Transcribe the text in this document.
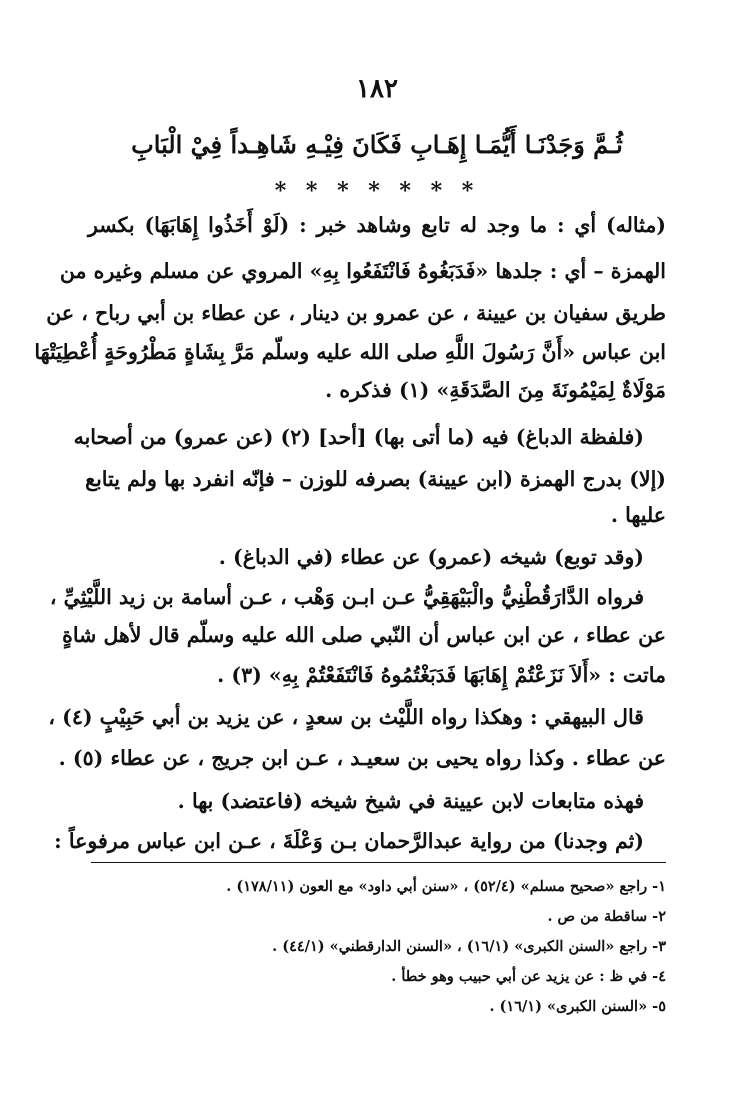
١٨٢
ثُـمَّ وَجَدْنَـا أَيُّمَـا إِهَـابِ فَكَانَ فِيْـهِ شَاهِـداً فِيْ الْبَابِ
* * * * * * *
(مثاله) أي : ما وجد له تابع وشاهد خبر : (لَوْ أَخَذُوا إِهَابَهَا) بكسر
الهمزة – أي : جلدها «فَدَبَغُوهُ فَانْتَفَعُوا بِهِ» المروي عن مسلم وغيره من
طريق سفيان بن عيينة ، عن عمرو بن دينار ، عن عطاء بن أبي رباح ، عن
ابن عباس «أَنَّ رَسُولَ اللَّهِ صلى الله عليه وسلّم مَرَّ بِشَاةٍ مَطْرُوحَةٍ أُعْطِيَتْهَا
مَوْلَاةٌ لِمَيْمُونَةَ مِنَ الصَّدَقَةِ» (١) فذكره .
(فلفظة الدباغ) فيه (ما أتى بها) [أحد] (٢) (عن عمرو) من أصحابه
(إلا) بدرج الهمزة (ابن عيينة) بصرفه للوزن – فإنّه انفرد بها ولم يتابع
عليها .
(وقد توبع) شيخه (عمرو) عن عطاء (في الدباغ) .
فرواه الدَّارَقُطْنِيُّ والْبَيْهَقِيُّ عـن ابـن وَهْب ، عـن أسامة بن زيد اللَّيْثِيِّ ،
عن عطاء ، عن ابن عباس أن النّبي صلى الله عليه وسلّم قال لأهل شاةٍ
ماتت : «أَلاَ نَزَعْتُمْ إِهَابَهَا فَدَبَغْتُمُوهُ فَانْتَفَعْتُمْ بِهِ» (٣) .
قال البيهقي : وهكذا رواه اللَّيْث بن سعدٍ ، عن يزيد بن أبي حَبِيْبٍ (٤) ،
عن عطاء . وكذا رواه يحيى بن سعيـد ، عـن ابن جريج ، عن عطاء (٥) .
فهذه متابعات لابن عيينة في شيخ شيخه (فاعتضد) بها .
(ثم وجدنا) من رواية عبدالرَّحمان بـن وَعْلَةَ ، عـن ابن عباس مرفوعاً :
١- راجع «صحيح مسلم» (٥٢/٤) ، «سنن أبي داود» مع العون (١٧٨/١١) .
٢- ساقطة من ص .
٣- راجع «السنن الكبرى» (١٦/١) ، «السنن الدارقطني» (٤٤/١) .
٤- في ظ : عن يزيد عن أبي حبيب وهو خطأ .
٥- «السنن الكبرى» (١٦/١) .
